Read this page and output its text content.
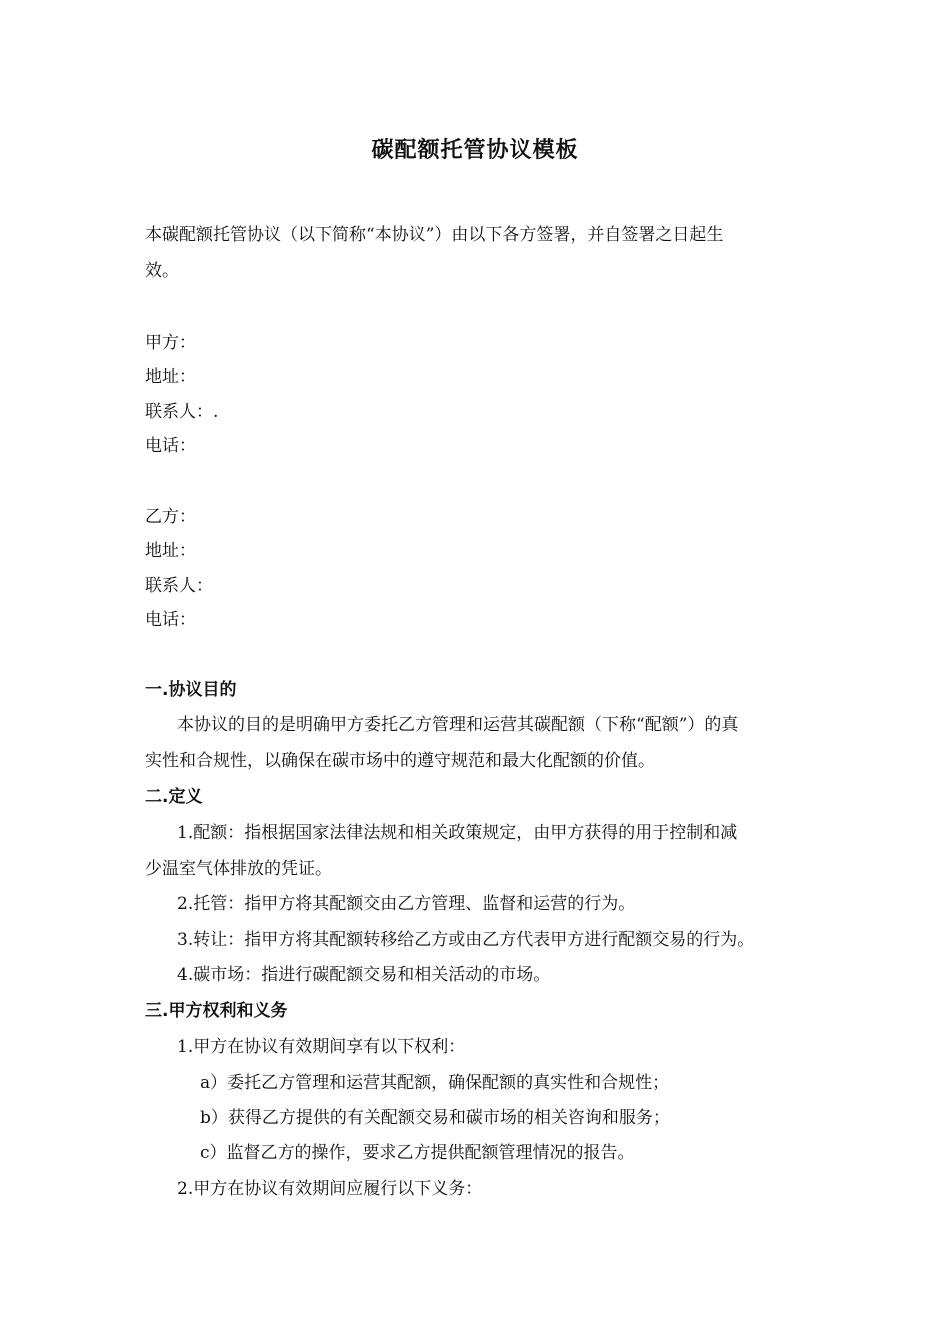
碳配额托管协议模板
本碳配额托管协议（以下简称“本协议”）由以下各方签署，并自签署之日起生
效。
甲方：
地址：
联系人：.
电话：
乙方：
地址：
联系人：
电话：
一.协议目的
本协议的目的是明确甲方委托乙方管理和运营其碳配额（下称“配额”）的真
实性和合规性，以确保在碳市场中的遵守规范和最大化配额的价值。
二.定义
1.配额：指根据国家法律法规和相关政策规定，由甲方获得的用于控制和减
少温室气体排放的凭证。
2.托管：指甲方将其配额交由乙方管理、监督和运营的行为。
3.转让：指甲方将其配额转移给乙方或由乙方代表甲方进行配额交易的行为。
4.碳市场：指进行碳配额交易和相关活动的市场。
三.甲方权利和义务
1.甲方在协议有效期间享有以下权利：
a）委托乙方管理和运营其配额，确保配额的真实性和合规性；
b）获得乙方提供的有关配额交易和碳市场的相关咨询和服务；
c）监督乙方的操作，要求乙方提供配额管理情况的报告。
2.甲方在协议有效期间应履行以下义务：
